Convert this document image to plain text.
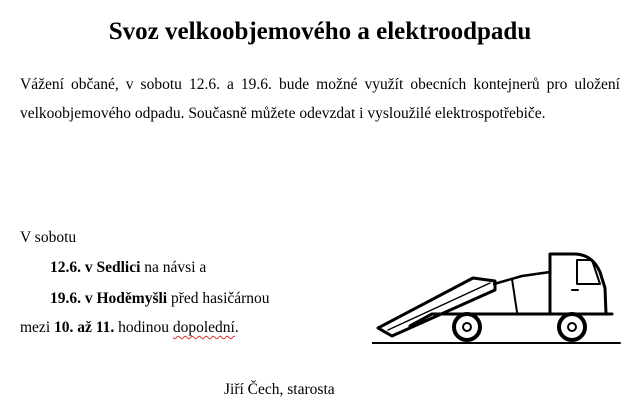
Svoz velkoobjemového a elektroodpadu

Vážení občané, v sobotu 12.6. a 19.6. bude možné využít obecních kontejnerů pro uložení velkoobjemového odpadu. Současně můžete odevzdat i vysloužilé elektrospotřebiče.

V sobotu
12.6. v Sedlici na návsi a
19.6. v Hoděmyšli před hasičárnou
mezi 10. až 11. hodinou dopolední.
Jiří Čech, starosta
